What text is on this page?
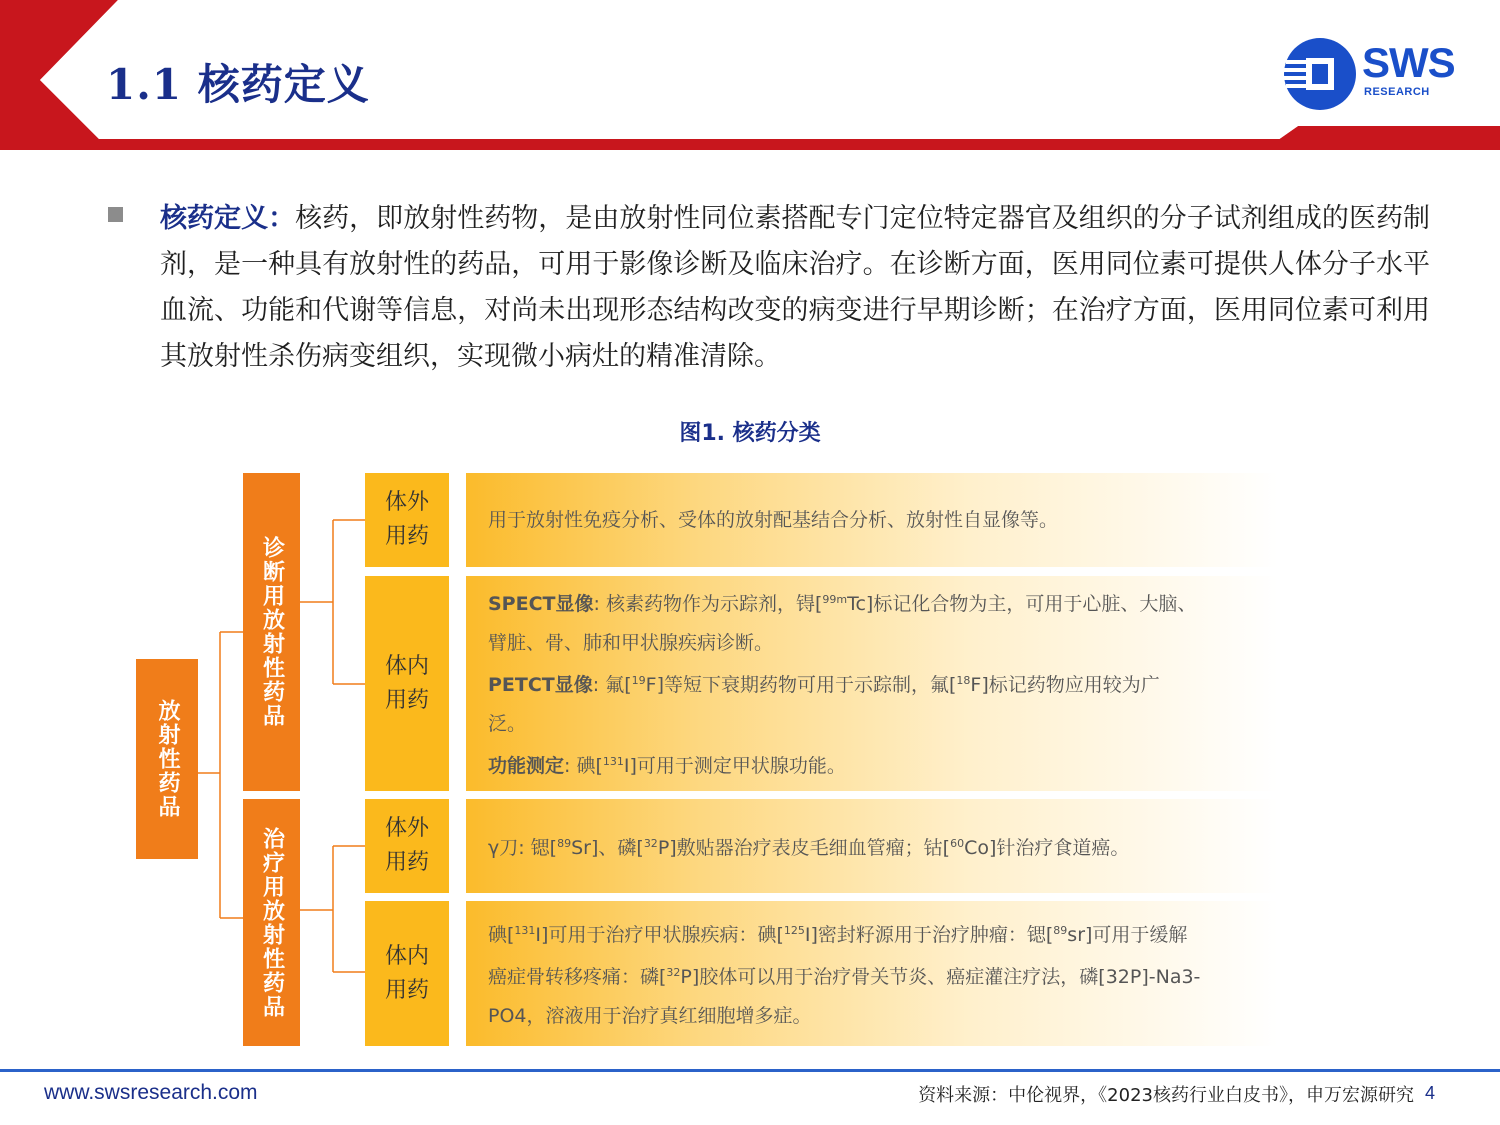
1.1 核药定义	SWS
RESEARCH
核药定义：核药，即放射性药物，是由放射性同位素搭配专门定位特定器官及组织的分子试剂组成的医药制剂，是一种具有放射性的药品，可用于影像诊断及临床治疗。在诊断方面，医用同位素可提供人体分子水平血流、功能和代谢等信息，对尚未出现形态结构改变的病变进行早期诊断；在治疗方面，医用同位素可利用其放射性杀伤病变组织，实现微小病灶的精准清除。
图1. 核药分类
放射性药品
诊断用放射性药品
治疗用放射性药品
体外
用药
体内
用药
体外
用药
体内
用药

用于放射性免疫分析、受体的放射配基结合分析、放射性自显像等。

SPECT显像: 核素药物作为示踪剂，锝[$^{99m}$Tc]标记化合物为主，可用于心脏、大脑、

臂脏、骨、肺和甲状腺疾病诊断。

PETCT显像: 氟[$^{19}$F]等短下衰期药物可用于示踪制，氟[$^{18}$F]标记药物应用较为广

泛。

功能测定: 碘[$^{131}$I]可用于测定甲状腺功能。

γ刀: 锶[$^{89}$Sr]、磷[$^{32}$P]敷贴器治疗表皮毛细血管瘤；钴[$^{60}$Co]针治疗食道癌。

碘[$^{131}$I]可用于治疗甲状腺疾病：碘[$^{125}$I]密封籽源用于治疗肿瘤：锶[$^{89}$sr]可用于缓解

癌症骨转移疼痛：磷[$^{32}$P]胶体可以用于治疗骨关节炎、癌症灌注疗法，磷[32P]-Na3-

PO4，溶液用于治疗真红细胞增多症。

www.swsresearch.com	资料来源：中伦视界，《2023核药行业白皮书》，申万宏源研究 4
